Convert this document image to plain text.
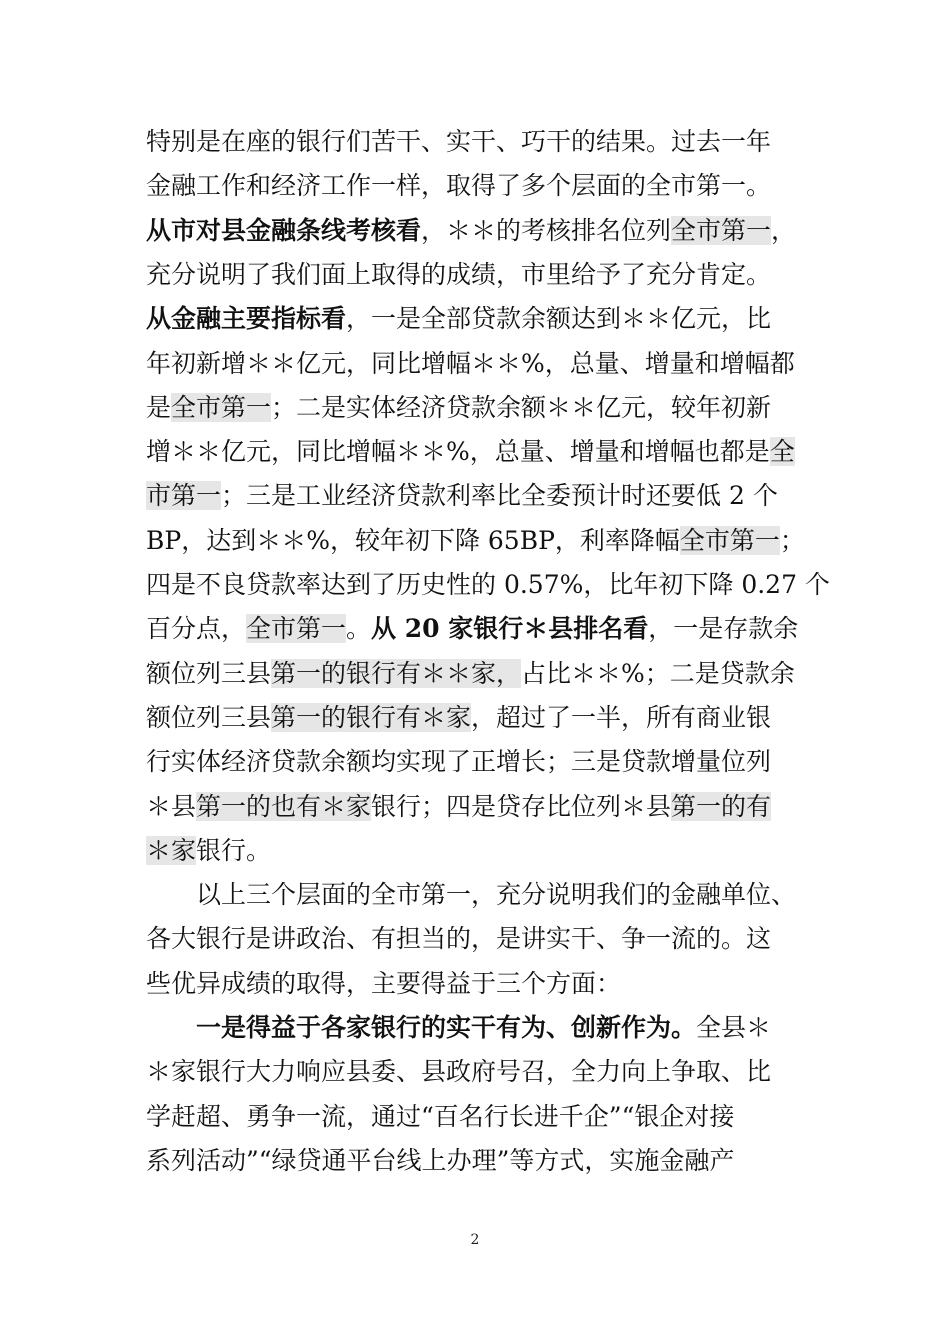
特别是在座的银行们苦干、实干、巧干的结果。过去一年
金融工作和经济工作一样，取得了多个层面的全市第一。
从市对县金融条线考核看，＊＊的考核排名位列全市第一，
充分说明了我们面上取得的成绩，市里给予了充分肯定。
从金融主要指标看，一是全部贷款余额达到＊＊亿元，比
年初新增＊＊亿元，同比增幅＊＊%，总量、增量和增幅都
是全市第一；二是实体经济贷款余额＊＊亿元，较年初新
增＊＊亿元，同比增幅＊＊%，总量、增量和增幅也都是全
市第一；三是工业经济贷款利率比全委预计时还要低 2 个
BP，达到＊＊%，较年初下降 65BP，利率降幅全市第一；
四是不良贷款率达到了历史性的 0.57%，比年初下降 0.27 个
百分点，全市第一。从 20 家银行＊县排名看，一是存款余
额位列三县第一的银行有＊＊家，占比＊＊%；二是贷款余
额位列三县第一的银行有＊家，超过了一半，所有商业银
行实体经济贷款余额均实现了正增长；三是贷款增量位列
＊县第一的也有＊家银行；四是贷存比位列＊县第一的有
＊家银行。
　　以上三个层面的全市第一，充分说明我们的金融单位、
各大银行是讲政治、有担当的，是讲实干、争一流的。这
些优异成绩的取得，主要得益于三个方面：
　　一是得益于各家银行的实干有为、创新作为。全县＊
＊家银行大力响应县委、县政府号召，全力向上争取、比
学赶超、勇争一流，通过“百名行长进千企”“银企对接
系列活动”“绿贷通平台线上办理”等方式，实施金融产
2
